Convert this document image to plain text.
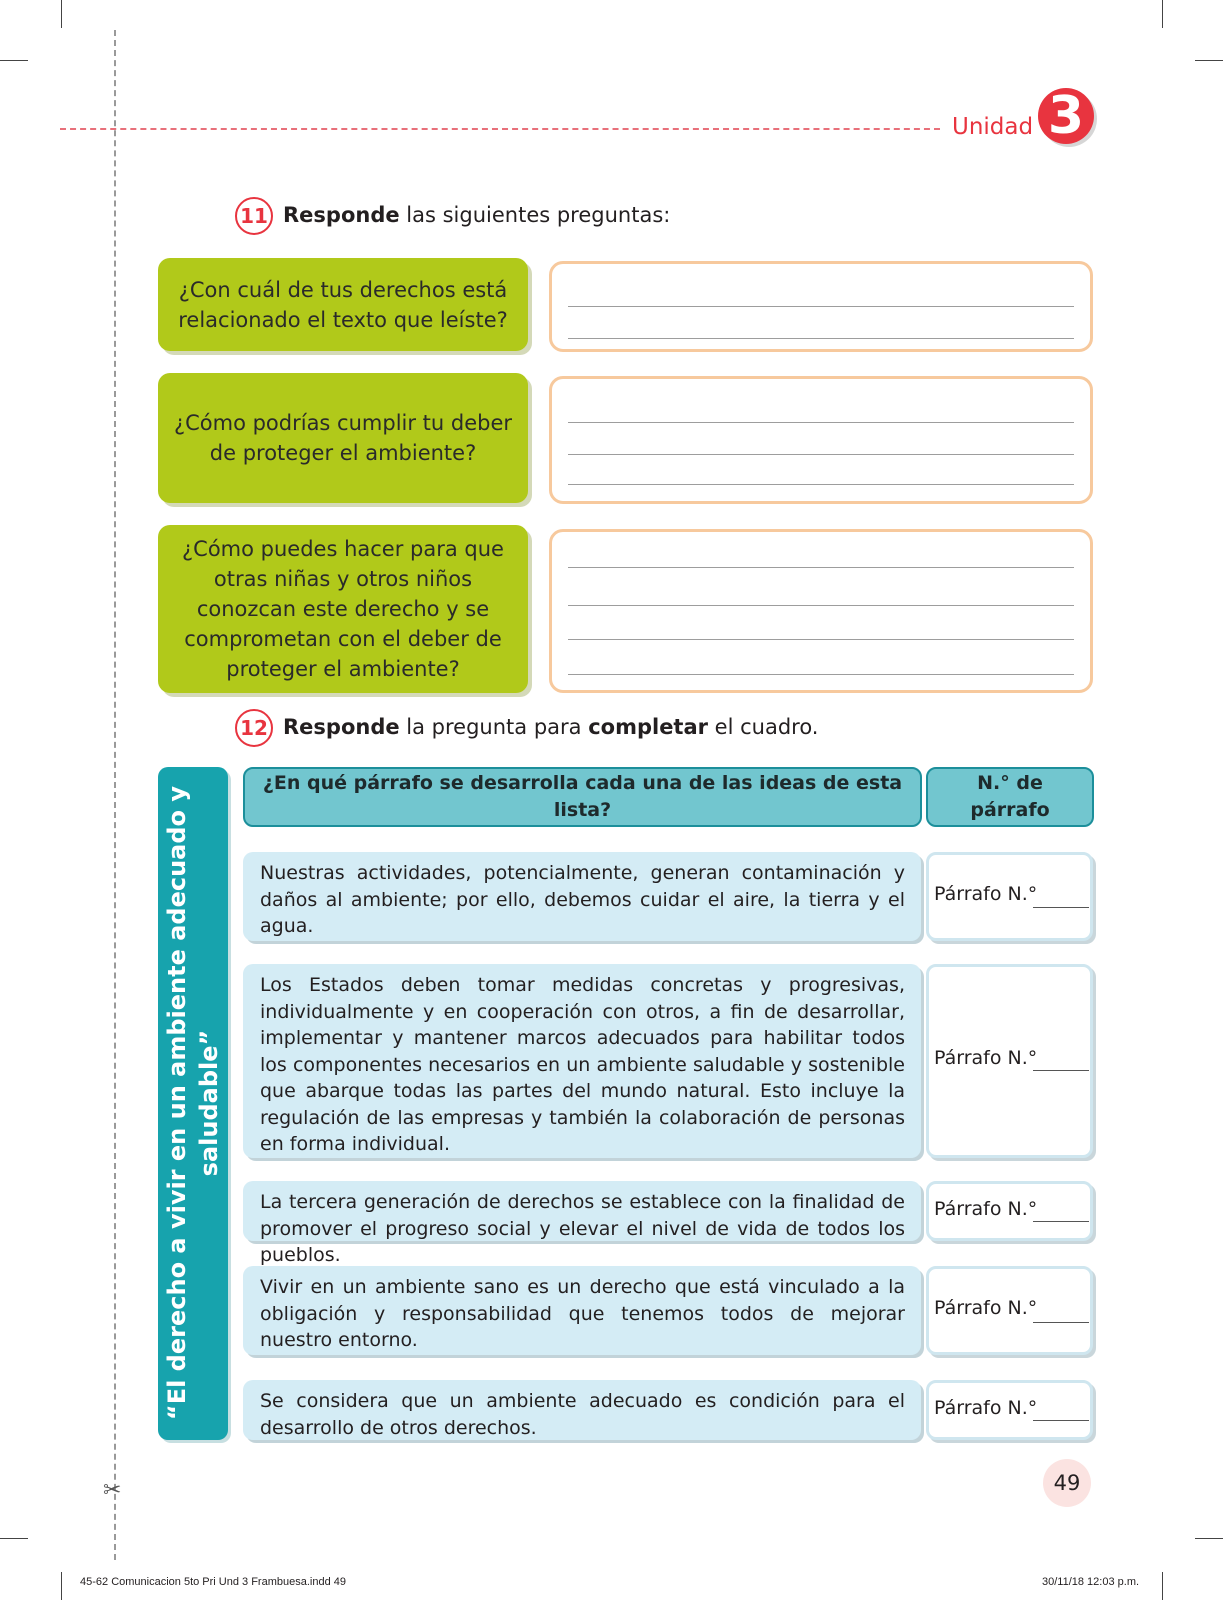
✂
Unidad 3
11 Responde las siguientes preguntas:
¿Con cuál de tus derechos está relacionado el texto que leíste?
¿Cómo podrías cumplir tu deber de proteger el ambiente?
¿Cómo puedes hacer para que otras niñas y otros niños conozcan este derecho y se comprometan con el deber de proteger el ambiente?
12 Responde la pregunta para completar el cuadro.
“El derecho a vivir en un ambiente adecuado y saludable”
¿En qué párrafo se desarrolla cada una de las ideas de esta lista?
N.° de párrafo
Nuestras actividades, potencialmente, generan contaminación y daños al ambiente; por ello, debemos cuidar el aire, la tierra y el agua.
Párrafo N.°
Los Estados deben tomar medidas concretas y progresivas, individualmente y en cooperación con otros, a fin de desarrollar, implementar y mantener marcos adecuados para habilitar todos los componentes necesarios en un ambiente saludable y sostenible que abarque todas las partes del mundo natural. Esto incluye la regulación de las empresas y también la colaboración de personas en forma individual.
Párrafo N.°
La tercera generación de derechos se establece con la finalidad de promover el progreso social y elevar el nivel de vida de todos los pueblos.
Párrafo N.°
Vivir en un ambiente sano es un derecho que está vinculado a la obligación y responsabilidad que tenemos todos de mejorar nuestro entorno.
Párrafo N.°
Se considera que un ambiente adecuado es condición para el desarrollo de otros derechos.
Párrafo N.°
49
45-62 Comunicacion 5to Pri Und 3 Frambuesa.indd 49	30/11/18 12:03 p.m.
